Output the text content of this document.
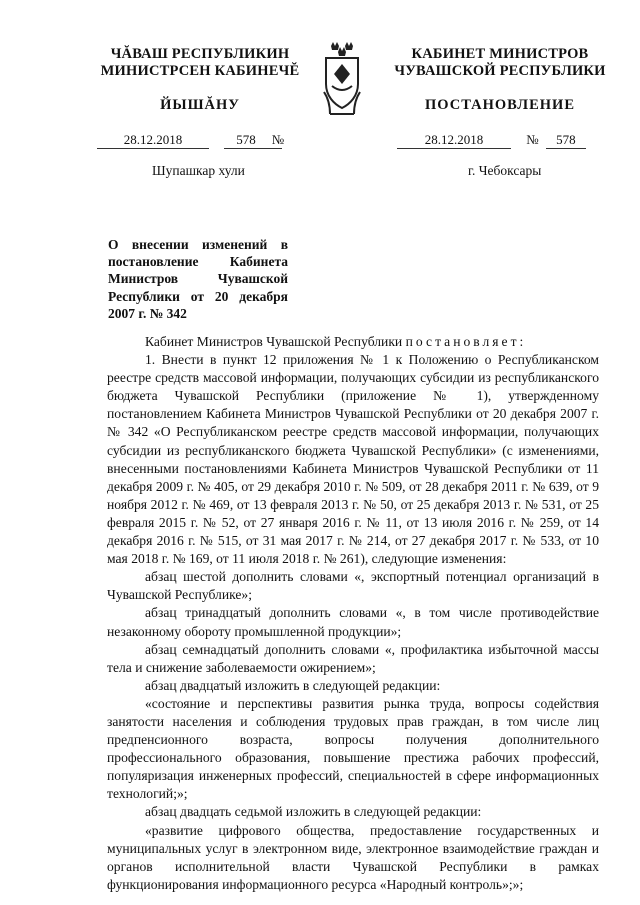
ЧĂВАШ РЕСПУБЛИКИН
МИНИСТРСЕН КАБИНЕЧĔ
ЙЫШĂНУ
КАБИНЕТ МИНИСТРОВ
ЧУВАШСКОЙ РЕСПУБЛИКИ
ПОСТАНОВЛЕНИЕ
28.12.2018	578 №	28.12.2018	№ 578
Шупашкар хули	г. Чебоксары
О внесении изменений в постановление Кабинета Министров Чувашской Республики от 20 декабря 2007 г. № 342

Кабинет Министров Чувашской Республики постановляет:

1. Внести в пункт 12 приложения № 1 к Положению о Республиканском реестре средств массовой информации, получающих субсидии из республиканского бюджета Чувашской Республики (приложение № 1), утвержденному постановлением Кабинета Министров Чувашской Республики от 20 декабря 2007 г. № 342 «О Республиканском реестре средств массовой информации, получающих субсидии из республиканского бюджета Чувашской Республики» (с изменениями, внесенными постановлениями Кабинета Министров Чувашской Республики от 11 декабря 2009 г. № 405, от 29 декабря 2010 г. № 509, от 28 декабря 2011 г. № 639, от 9 ноября 2012 г. № 469, от 13 февраля 2013 г. № 50, от 25 декабря 2013 г. № 531, от 25 февраля 2015 г. № 52, от 27 января 2016 г. № 11, от 13 июля 2016 г. № 259, от 14 декабря 2016 г. № 515, от 31 мая 2017 г. № 214, от 27 декабря 2017 г. № 533, от 10 мая 2018 г. № 169, от 11 июля 2018 г. № 261), следующие изменения:

абзац шестой дополнить словами «, экспортный потенциал организаций в Чувашской Республике»;

абзац тринадцатый дополнить словами «, в том числе противодействие незаконному обороту промышленной продукции»;

абзац семнадцатый дополнить словами «, профилактика избыточной массы тела и снижение заболеваемости ожирением»;

абзац двадцатый изложить в следующей редакции:

«состояние и перспективы развития рынка труда, вопросы содействия занятости населения и соблюдения трудовых прав граждан, в том числе лиц предпенсионного возраста, вопросы получения дополнительного профессионального образования, повышение престижа рабочих профессий, популяризация инженерных профессий, специальностей в сфере информационных технологий;»;

абзац двадцать седьмой изложить в следующей редакции:

«развитие цифрового общества, предоставление государственных и муниципальных услуг в электронном виде, электронное взаимодействие граждан и органов исполнительной власти Чувашской Республики в рамках функционирования информационного ресурса «Народный контроль»;»;
